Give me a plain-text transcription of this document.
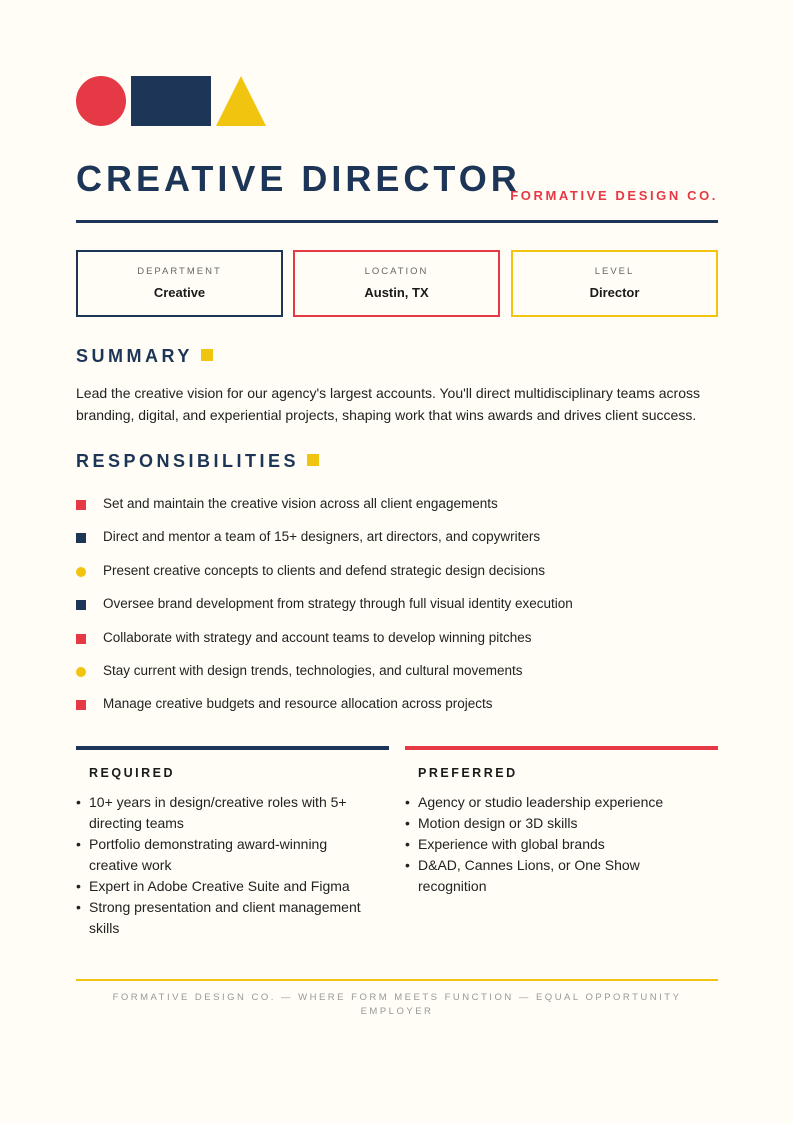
CREATIVE DIRECTOR
FORMATIVE DESIGN CO.
DEPARTMENT
Creative
LOCATION
Austin, TX
LEVEL
Director
SUMMARY

Lead the creative vision for our agency's largest accounts. You'll direct multidisciplinary teams across branding, digital, and experiential projects, shaping work that wins awards and drives client success.

RESPONSIBILITIES
Set and maintain the creative vision across all client engagements
Direct and mentor a team of 15+ designers, art directors, and copywriters
Present creative concepts to clients and defend strategic design decisions
Oversee brand development from strategy through full visual identity execution
Collaborate with strategy and account teams to develop winning pitches
Stay current with design trends, technologies, and cultural movements
Manage creative budgets and resource allocation across projects
REQUIRED
• 10+ years in design/creative roles with 5+ directing teams
• Portfolio demonstrating award-winning creative work
• Expert in Adobe Creative Suite and Figma
• Strong presentation and client management skills
PREFERRED
• Agency or studio leadership experience
• Motion design or 3D skills
• Experience with global brands
• D&AD, Cannes Lions, or One Show recognition

FORMATIVE DESIGN CO. — WHERE FORM MEETS FUNCTION — EQUAL OPPORTUNITY EMPLOYER
